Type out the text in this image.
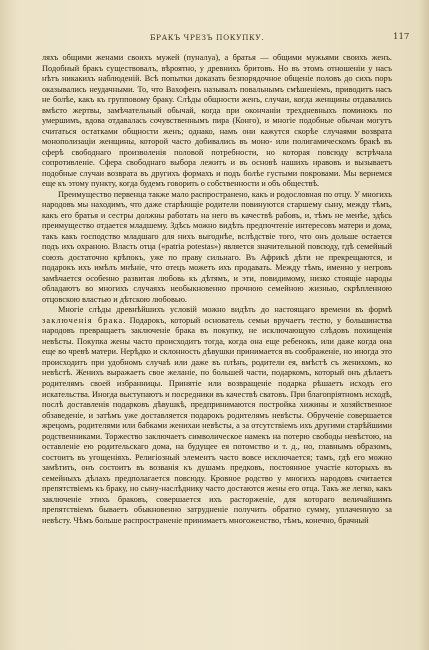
БРАКЪ ЧРЕЗЪ ПОКУПКУ.	117

ляхъ общими женами своихъ мужей (пуналуа), а братья — общими мужьями своихъ женъ. Подобный бракъ существовалъ, вѣроятно, у древнихъ бритовъ. Но въ этомъ отношеніи у насъ нѣтъ никакихъ наблюденій. Всѣ попытки доказать безпорядочное общеніе половъ до сихъ поръ оказывались неудачными. То, что Вахофенъ называлъ повальнымъ смѣшеніемъ, приводитъ насъ не болѣе, какъ къ групповому браку. Слѣды общности женъ, случаи, когда женщины отдавались вмѣсто жертвы, замѣчательный обычай, когда при окончаніи трехдневныхъ поминокъ по умершимъ, вдова отдавалась сочувственнымъ пира (Конго), и многіе подобные обычаи могутъ считаться остатками общности женъ; однако, намъ они кажутся скорѣе случаями возврата монополизаціи женщины, которой часто добивались въ моно- или полигамическомъ бракѣ въ сферѣ свободнаго произволенія половой потребности, но которая повсюду встрѣчала сопротивленіе. Сфера свободнаго выбора лежитъ и въ основѣ нашихъ нравовъ и вызываетъ подобные случаи возврата въ другихъ формахъ и подъ болѣе густыми покровами. Мы вернемся еще къ этому пункту, когда будемъ говорить о собственности и объ обществѣ.

Преимущество первенца также мало распространено, какъ и родословная по отцу. У многихъ народовъ мы находимъ, что даже старѣющіе родители повинуются старшему сыну, между тѣмъ, какъ его братья и сестры должны работать на него въ качествѣ рабовъ, и, тѣмъ не менѣе, здѣсь преимущество отдается младшему. Здѣсь можно видѣть предпочтеніе интересовъ матери и дома, такъ какъ господство младшаго для нихъ выгоднѣе, вслѣдствіе того, что онъ дольше остается подъ ихъ охраною. Власть отца («patria potestas») является значительной повсюду, гдѣ семейный союзъ достаточно крѣпокъ, уже по праву сильнаго. Въ Африкѣ дѣти не прекрещаются, и подарокъ ихъ имѣлъ мнѣніе, что отецъ можетъ ихъ продавать. Между тѣмъ, именно у негровъ замѣчается особенно развитая любовь къ дѣтямъ, и эти, повидимому, низко стоящіе народы обладаютъ во многихъ случаяхъ необыкновенно прочною семейною жизнью, скрѣпленною отцовскою властью и дѣтскою любовью.

Многіе слѣды древнѣйшихъ условій можно видѣть до настоящаго времени въ формѣ заключенія брака. Подарокъ, который основатель семьи вручаетъ тестю, у большинства народовъ превращаетъ заключеніе брака въ покупку, не исключающую слѣдовъ похищенія невѣсты. Покупка жены часто происходитъ тогда, когда она еще ребенокъ, или даже когда она еще во чревѣ матери. Нерѣдко и склонность дѣвушки принимается въ соображеніе, но иногда это происходитъ при удобномъ случаѣ или даже въ плѣнъ, родители ея, вмѣстѣ съ женихомъ, ко невѣстѣ. Женихъ выражаетъ свое желаніе, по большей части, подаркомъ, который онъ дѣлаетъ родителямъ своей избранницы. Принятіе или возвращеніе подарка рѣшаетъ исходъ его искательства. Иногда выступаютъ и посредники въ качествѣ сватовъ. При благопріятномъ исходѣ, послѣ доставленія подарковъ дѣвушкѣ, предпринимаются постройка хижины и хозяйственное обзаведеніе, и затѣмъ уже доставляется подарокъ родителямъ невѣсты. Обрученіе совершается жрецомъ, родителями или бабками женихаи невѣсты, а за отсутствіемъ ихъ другими старѣйшими родственниками. Торжество заключаетъ символическое намекъ на потерю свободы невѣстою, на оставленіе ею родительскаго дома, на будущее ея потомство и т. д., но, главнымъ образомъ, состоитъ въ угощеніяхъ. Религіозный элементъ часто вовсе исключается; тамъ, гдѣ его можно замѣтить, онъ состоитъ въ возванія къ душамъ предковъ, постоянное участіе которыхъ въ семейныхъ дѣлахъ предполагается повсюду. Кровное родство у многихъ народовъ считается препятствіемъ къ браку, но сыну-наслѣднику часто достаются жены его отца. Такъ же легко, какъ заключеніе этихъ браковъ, совершается ихъ расторженіе, для котораго величайшимъ препятствіемъ бываетъ обыкновенно затрудненіе получить обратно сумму, уплаченную за невѣсту. Чѣмъ больше распространеніе принимаетъ многоженство, тѣмъ, конечно, брачный
